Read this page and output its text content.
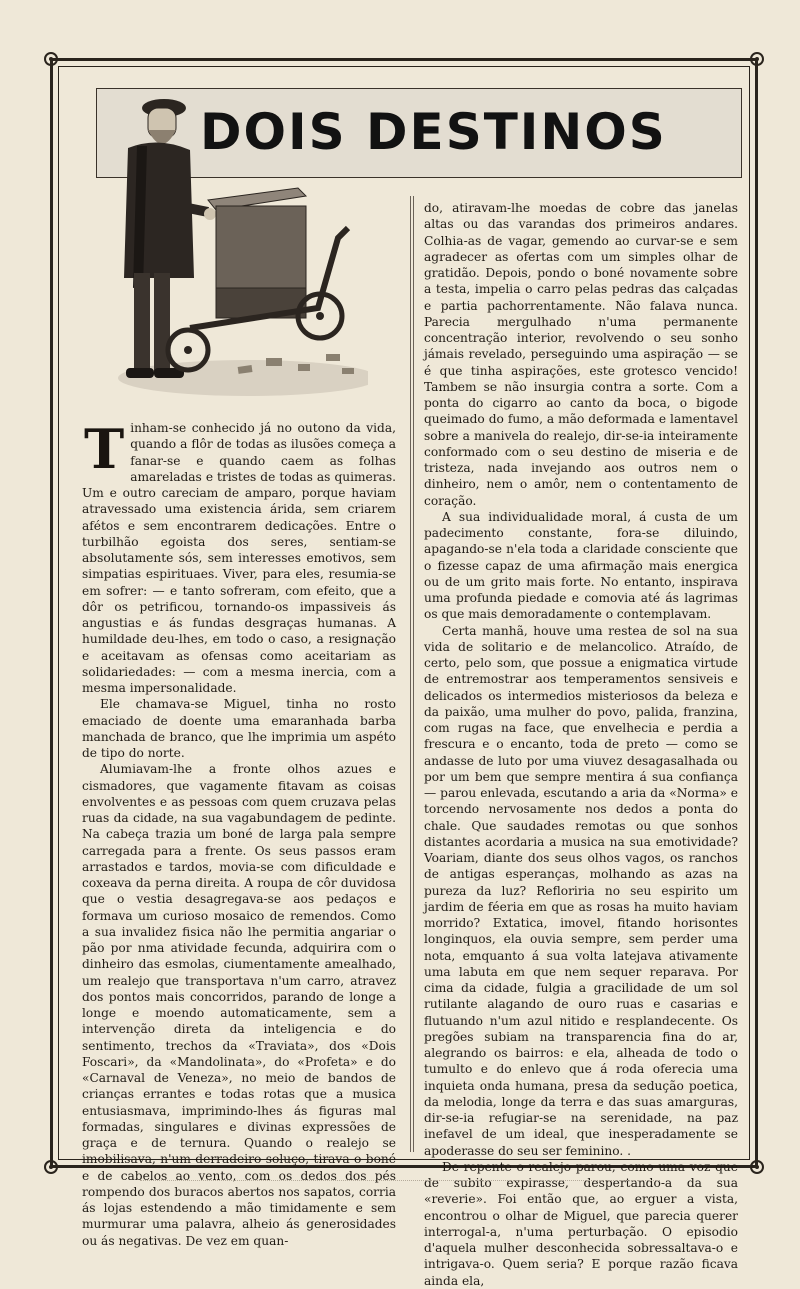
DOIS DESTINOS

Tinham-se conhecido já no outono da vida, quando a flôr de todas as ilusões começa a fanar-se e quando caem as folhas amareladas e tristes de todas as quimeras. Um e outro careciam de amparo, porque haviam atravessado uma existencia árida, sem criarem afétos e sem encontrarem dedicações. Entre o turbilhão egoista dos seres, sentiam-se absolutamente sós, sem interesses emotivos, sem simpatias espirituaes. Viver, para eles, resumia-se em sofrer: — e tanto sofreram, com efeito, que a dôr os petrificou, tornando-os impassiveis ás angustias e ás fundas desgraças humanas. A humildade deu-lhes, em todo o caso, a resignação e aceitavam as ofensas como aceitariam as solidariedades: — com a mesma inercia, com a mesma impersonalidade.

Ele chamava-se Miguel, tinha no rosto emaciado de doente uma emaranhada barba manchada de branco, que lhe imprimia um aspéto de tipo do norte.

Alumiavam-lhe a fronte olhos azues e cismadores, que vagamente fitavam as coisas envolventes e as pessoas com quem cruzava pelas ruas da cidade, na sua vagabundagem de pedinte. Na cabeça trazia um boné de larga pala sempre carregada para a frente. Os seus passos eram arrastados e tardos, movia-se com dificuldade e coxeava da perna direita. A roupa de côr duvidosa que o vestia desagregava-se aos pedaços e formava um curioso mosaico de remendos. Como a sua invalidez fisica não lhe permitia angariar o pão por nma atividade fecunda, adquirira com o dinheiro das esmolas, ciumentamente amealhado, um realejo que transportava n'um carro, atravez dos pontos mais concorridos, parando de longe a longe e moendo automaticamente, sem a intervenção direta da inteligencia e do sentimento, trechos da «Traviata», dos «Dois Foscari», da «Mandolinata», do «Profeta» e do «Carnaval de Veneza», no meio de bandos de crianças errantes e todas rotas que a musica entusiasmava, imprimindo-lhes ás figuras mal formadas, singulares e divinas expressões de graça e de ternura. Quando o realejo se imobilisava, n'um derradeiro soluço, tirava o boné e de cabelos ao vento, com os dedos dos pés rompendo dos buracos abertos nos sapatos, corria ás lojas estendendo a mão timidamente e sem murmurar uma palavra, alheio ás generosidades ou ás negativas. De vez em quan-

do, atiravam-lhe moedas de cobre das janelas altas ou das varandas dos primeiros andares. Colhia-as de vagar, gemendo ao curvar-se e sem agradecer as ofertas com um simples olhar de gratidão. Depois, pondo o boné novamente sobre a testa, impelia o carro pelas pedras das calçadas e partia pachorrentamente. Não falava nunca. Parecia mergulhado n'uma permanente concentração interior, revolvendo o seu sonho jámais revelado, perseguindo uma aspiração — se é que tinha aspirações, este grotesco vencido! Tambem se não insurgia contra a sorte. Com a ponta do cigarro ao canto da boca, o bigode queimado do fumo, a mão deformada e lamentavel sobre a manivela do realejo, dir-se-ia inteiramente conformado com o seu destino de miseria e de tristeza, nada invejando aos outros nem o dinheiro, nem o amôr, nem o contentamento de coração.

A sua individualidade moral, á custa de um padecimento constante, fora-se diluindo, apagando-se n'ela toda a claridade consciente que o fizesse capaz de uma afirmação mais energica ou de um grito mais forte. No entanto, inspirava uma profunda piedade e comovia até ás lagrimas os que mais demoradamente o contemplavam.

Certa manhã, houve uma restea de sol na sua vida de solitario e de melancolico. Atraído, de certo, pelo som, que possue a enigmatica virtude de entremostrar aos temperamentos sensiveis e delicados os intermedios misteriosos da beleza e da paixão, uma mulher do povo, palida, franzina, com rugas na face, que envelhecia e perdia a frescura e o encanto, toda de preto — como se andasse de luto por uma viuvez desagasalhada ou por um bem que sempre mentira á sua confiança — parou enlevada, escutando a aria da «Norma» e torcendo nervosamente nos dedos a ponta do chale. Que saudades remotas ou que sonhos distantes acordaria a musica na sua emotividade? Voariam, diante dos seus olhos vagos, os ranchos de antigas esperanças, molhando as azas na pureza da luz? Refloriria no seu espirito um jardim de féeria em que as rosas ha muito haviam morrido? Extatica, imovel, fitando horisontes longinquos, ela ouvia sempre, sem perder uma nota, emquanto á sua volta latejava ativamente uma labuta em que nem sequer reparava. Por cima da cidade, fulgia a gracilidade de um sol rutilante alagando de ouro ruas e casarias e flutuando n'um azul nitido e resplandecente. Os pregões subiam na transparencia fina do ar, alegrando os bairros: e ela, alheada de todo o tumulto e do enlevo que á roda oferecia uma inquieta onda humana, presa da sedução poetica, da melodia, longe da terra e das suas amarguras, dir-se-ia refugiar-se na serenidade, na paz inefavel de um ideal, que inesperadamente se apoderasse do seu ser feminino. .

De repente o realejo parou, como uma voz que de subito expirasse, despertando-a da sua «reverie». Foi então que, ao erguer a vista, encontrou o olhar de Miguel, que parecia querer interrogal-a, n'uma perturbação. O episodio d'aquela mulher desconhecida sobressaltava-o e intrigava-o. Quem seria? E porque razão ficava ainda ela,
